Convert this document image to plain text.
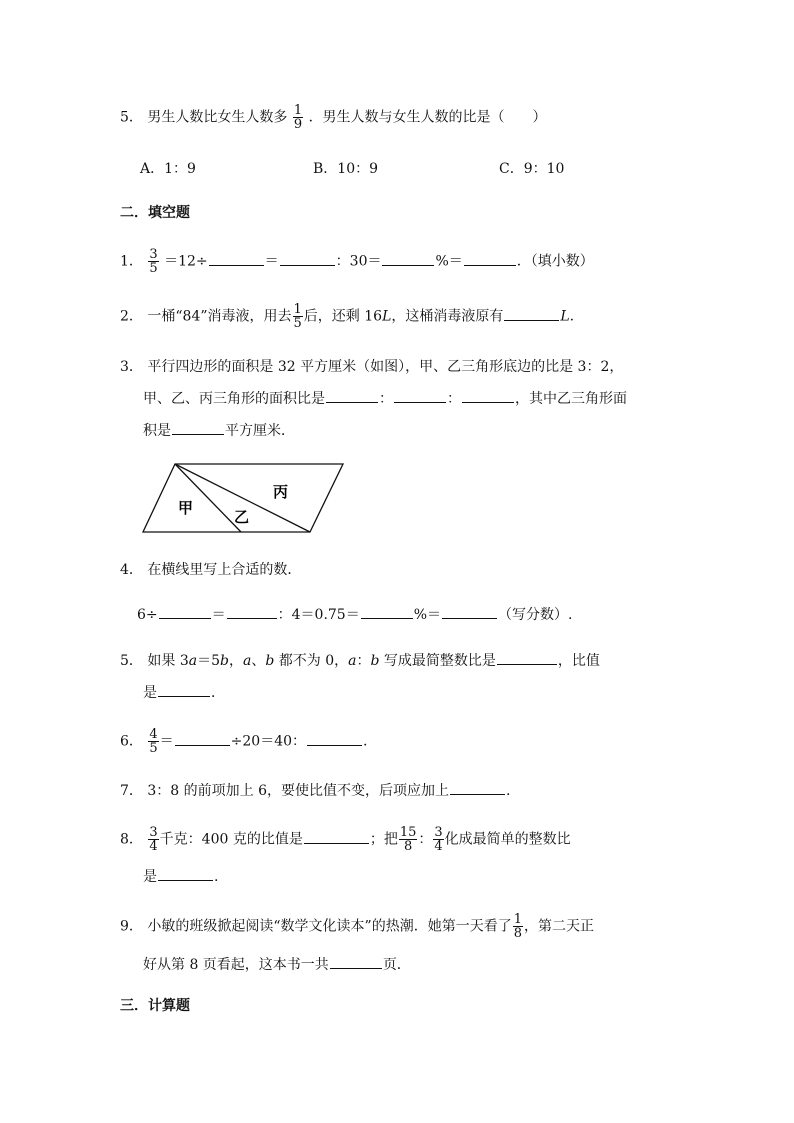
5． 男生人数比女生人数多 $\frac{1}{9}$ ．男生人数与女生人数的比是（　　）
A．1：9	B．10：9	C．9：10
二．填空题
1． $\frac{3}{5} =12\div$	＝	：30＝	%＝	．（填小数）
2． 一桶“84”消毒液，用去 $\frac{1}{5}$ 后，还剩 16L，这桶消毒液原有	L.
3． 平行四边形的面积是 32 平方厘米（如图），甲、乙三角形底边的比是 3：2，
甲、乙、丙三角形的面积比是	：	：	，其中乙三角形面
积是	平方厘米．
甲	乙
丙
4． 在横线里写上合适的数．
6÷	＝	：4＝0.75＝	%＝	（写分数）.
5． 如果 3a＝5b，a、b 都不为 0，a：b 写成最简整数比是	，比值
是	．
6． $\frac{4}{5}$ ＝	÷20＝40：	.
7． 3：8 的前项加上 6，要使比值不变，后项应加上	.
8． $\frac{3}{4}$ 千克：400 克的比值是	；把 $\frac{15}{8}$ ： $\frac{3}{4}$ 化成最简单的整数比
是	.
9． 小敏的班级掀起阅读“数学文化读本”的热潮．她第一天看了 $\frac{1}{8}$ ，第二天正
好从第 8 页看起，这本书一共	页．
三．计算题
